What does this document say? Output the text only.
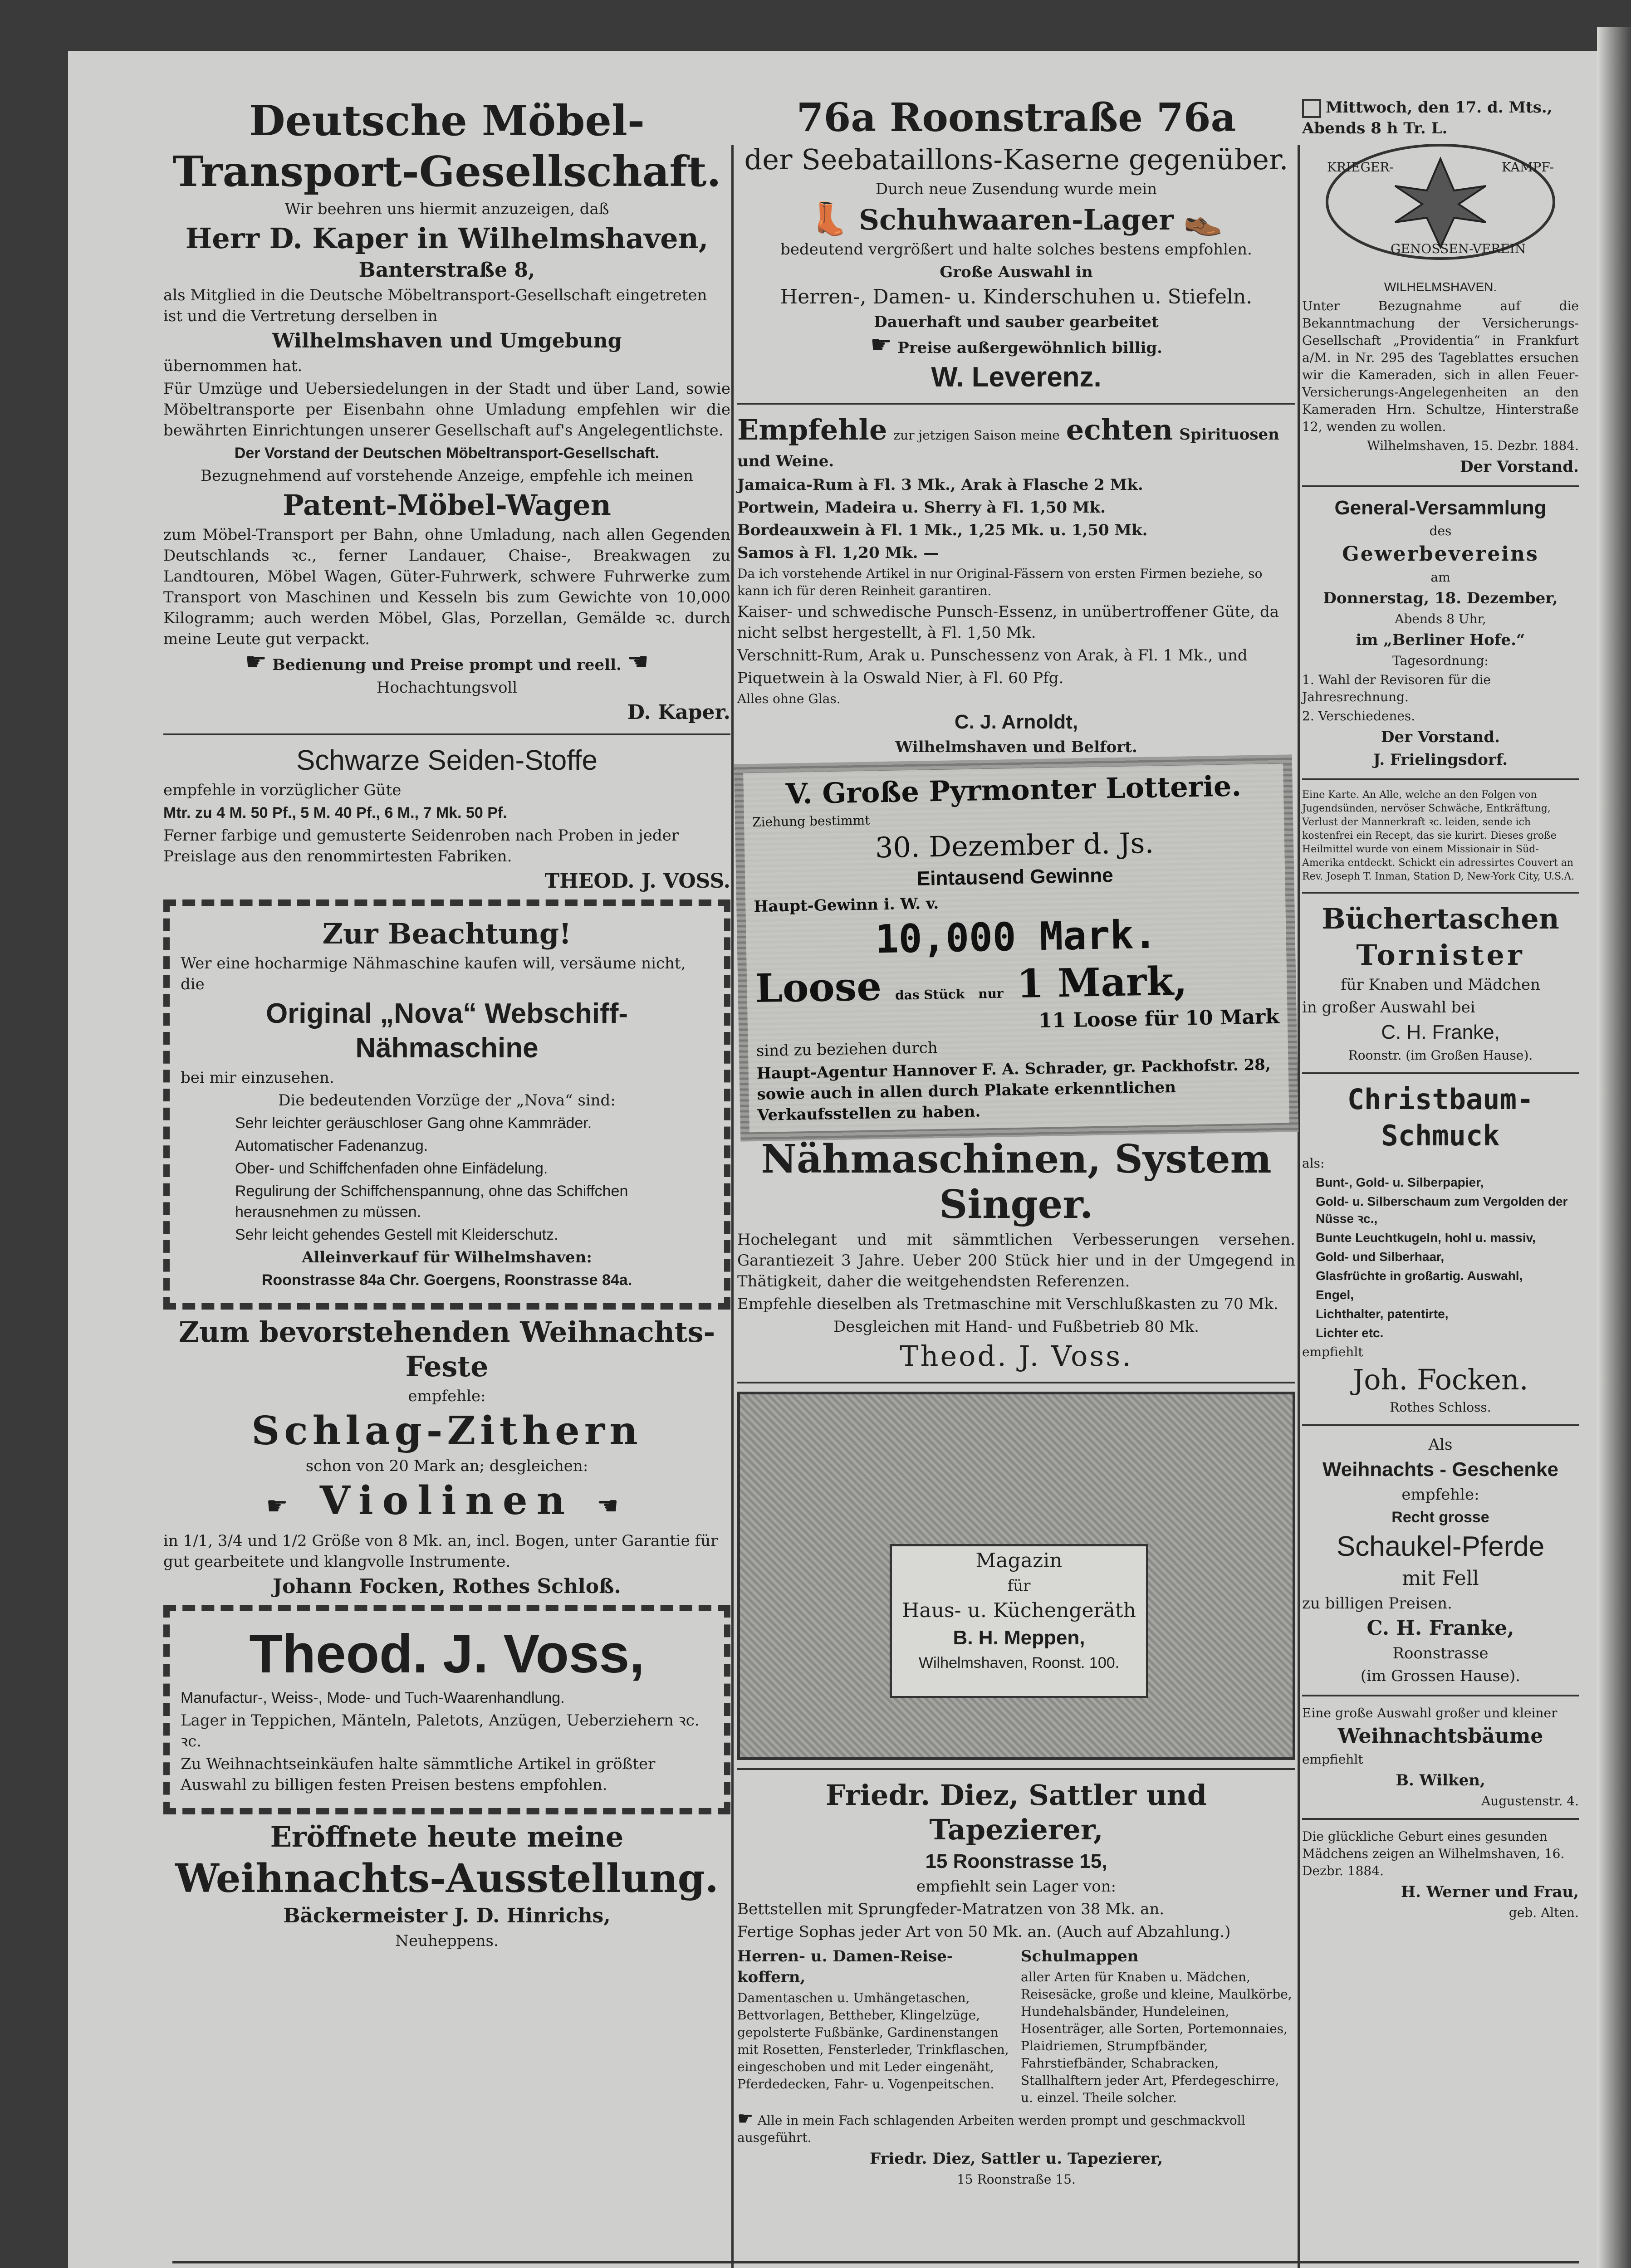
Deutsche Möbel-Transport-Gesellschaft.

Wir beehren uns hiermit anzuzeigen, daß

Herr D. Kaper in Wilhelmshaven,

Banterstraße 8,

als Mitglied in die Deutsche Möbeltransport-Gesellschaft eingetreten ist und die Vertretung derselben in

Wilhelmshaven und Umgebung

übernommen hat.

Für Umzüge und Uebersiedelungen in der Stadt und über Land, sowie Möbeltransporte per Eisenbahn ohne Umladung empfehlen wir die bewährten Einrichtungen unserer Gesellschaft auf's Angelegentlichste.

Der Vorstand der Deutschen Möbeltransport-Gesellschaft.

Bezugnehmend auf vorstehende Anzeige, empfehle ich meinen

Patent-Möbel-Wagen

zum Möbel-Transport per Bahn, ohne Umladung, nach allen Gegenden Deutschlands ꝛc., ferner Landauer, Chaise-, Breakwagen zu Landtouren, Möbel Wagen, Güter-Fuhrwerk, schwere Fuhrwerke zum Transport von Maschinen und Kesseln bis zum Gewichte von 10,000 Kilogramm; auch werden Möbel, Glas, Porzellan, Gemälde ꝛc. durch meine Leute gut verpackt.

☛ Bedienung und Preise prompt und reell. ☚

Hochachtungsvoll

D. Kaper.

Schwarze Seiden-Stoffe

empfehle in vorzüglicher Güte

Mtr. zu 4 M. 50 Pf., 5 M. 40 Pf., 6 M., 7 Mk. 50 Pf.

Ferner farbige und gemusterte Seidenroben nach Proben in jeder Preislage aus den renommirtesten Fabriken.

THEOD. J. VOSS.

Zur Beachtung!

Wer eine hocharmige Nähmaschine kaufen will, versäume nicht, die

Original „Nova“ Webschiff-Nähmaschine

bei mir einzusehen.

Die bedeutenden Vorzüge der „Nova“ sind:

Sehr leichter geräuschloser Gang ohne Kammräder.

Automatischer Fadenanzug.

Ober- und Schiffchenfaden ohne Einfädelung.

Regulirung der Schiffchenspannung, ohne das Schiffchen herausnehmen zu müssen.

Sehr leicht gehendes Gestell mit Kleiderschutz.

Alleinverkauf für Wilhelmshaven:

Roonstrasse 84a Chr. Goergens, Roonstrasse 84a.

Zum bevorstehenden Weihnachts-Feste

empfehle:

Schlag-Zithern

schon von 20 Mark an; desgleichen:

☛ Violinen ☚

in 1/1, 3/4 und 1/2 Größe von 8 Mk. an, incl. Bogen, unter Garantie für gut gearbeitete und klangvolle Instrumente.

Johann Focken, Rothes Schloß.

Theod. J. Voss,

Manufactur-, Weiss-, Mode- und Tuch-Waarenhandlung.

Lager in Teppichen, Mänteln, Paletots, Anzügen, Ueberziehern ꝛc. ꝛc.

Zu Weihnachtseinkäufen halte sämmtliche Artikel in größter Auswahl zu billigen festen Preisen bestens empfohlen.

Eröffnete heute meine

Weihnachts-Ausstellung.

Bäckermeister J. D. Hinrichs,

Neuheppens.

76a Roonstraße 76a

der Seebataillons-Kaserne gegenüber.

Durch neue Zusendung wurde mein

👢 Schuhwaaren-Lager 👞

bedeutend vergrößert und halte solches bestens empfohlen.

Große Auswahl in

Herren-, Damen- u. Kinderschuhen u. Stiefeln.

Dauerhaft und sauber gearbeitet

☛ Preise außergewöhnlich billig.

W. Leverenz.

Empfehle zur jetzigen Saison meine echten Spirituosen und Weine.

Jamaica-Rum à Fl. 3 Mk., Arak à Flasche 2 Mk.

Portwein, Madeira u. Sherry à Fl. 1,50 Mk.

Bordeauxwein à Fl. 1 Mk., 1,25 Mk. u. 1,50 Mk.

Samos à Fl. 1,20 Mk. —

Da ich vorstehende Artikel in nur Original-Fässern von ersten Firmen beziehe, so kann ich für deren Reinheit garantiren.

Kaiser- und schwedische Punsch-Essenz, in unübertroffener Güte, da nicht selbst hergestellt, à Fl. 1,50 Mk.

Verschnitt-Rum, Arak u. Punschessenz von Arak, à Fl. 1 Mk., und

Piquetwein à la Oswald Nier, à Fl. 60 Pfg.

Alles ohne Glas.

C. J. Arnoldt,

Wilhelmshaven und Belfort.

V. Große Pyrmonter Lotterie.

Ziehung bestimmt

30. Dezember d. Js.

Eintausend Gewinne

Haupt-Gewinn i. W. v.

10,000 Mark.

Loose das Stück nur 1 Mark,

11 Loose für 10 Mark

sind zu beziehen durch

Haupt-Agentur Hannover F. A. Schrader, gr. Packhofstr. 28, sowie auch in allen durch Plakate erkenntlichen Verkaufsstellen zu haben.

Nähmaschinen, System Singer.

Hochelegant und mit sämmtlichen Verbesserungen versehen. Garantiezeit 3 Jahre. Ueber 200 Stück hier und in der Umgegend in Thätigkeit, daher die weitgehendsten Referenzen.

Empfehle dieselben als Tretmaschine mit Verschlußkasten zu 70 Mk.

Desgleichen mit Hand- und Fußbetrieb 80 Mk.

Theod. J. Voss.

Magazin

für

Haus- u. Küchengeräth

B. H. Meppen,

Wilhelmshaven, Roonst. 100.

Friedr. Diez, Sattler und Tapezierer,

15 Roonstrasse 15,

empfiehlt sein Lager von:

Bettstellen mit Sprungfeder-Matratzen von 38 Mk. an.

Fertige Sophas jeder Art von 50 Mk. an. (Auch auf Abzahlung.)

Herren- u. Damen-Reise-koffern,

Damentaschen u. Umhängetaschen, Bettvorlagen, Bettheber, Klingelzüge, gepolsterte Fußbänke, Gardinenstangen mit Rosetten, Fensterleder, Trinkflaschen, eingeschoben und mit Leder eingenäht, Pferdedecken, Fahr- u. Vogenpeitschen.

Schulmappen

aller Arten für Knaben u. Mädchen, Reisesäcke, große und kleine, Maulkörbe, Hundehalsbänder, Hundeleinen, Hosenträger, alle Sorten, Portemonnaies, Plaidriemen, Strumpfbänder, Fahrstiefbänder, Schabracken, Stallhalftern jeder Art, Pferdegeschirre, u. einzel. Theile solcher.

☛ Alle in mein Fach schlagenden Arbeiten werden prompt und geschmackvoll ausgeführt.

Friedr. Diez, Sattler u. Tapezierer,

15 Roonstraße 15.

Mittwoch, den 17. d. Mts., Abends 8 h Tr. L.

KRIEGER-	KAMPF-
GENOSSEN-VEREIN

WILHELMSHAVEN.

Unter Bezugnahme auf die Bekanntmachung der Versicherungs-Gesellschaft „Providentia“ in Frankfurt a/M. in Nr. 295 des Tageblattes ersuchen wir die Kameraden, sich in allen Feuer-Versicherungs-Angelegenheiten an den Kameraden Hrn. Schultze, Hinterstraße 12, wenden zu wollen.

Wilhelmshaven, 15. Dezbr. 1884.

Der Vorstand.

General-Versammlung

des

Gewerbevereins

am

Donnerstag, 18. Dezember,

Abends 8 Uhr,

im „Berliner Hofe.“

Tagesordnung:

1. Wahl der Revisoren für die Jahresrechnung.

2. Verschiedenes.

Der Vorstand.

J. Frielingsdorf.

Eine Karte. An Alle, welche an den Folgen von Jugendsünden, nervöser Schwäche, Entkräftung, Verlust der Mannerkraft ꝛc. leiden, sende ich kostenfrei ein Recept, das sie kurirt. Dieses große Heilmittel wurde von einem Missionair in Süd-Amerika entdeckt. Schickt ein adressirtes Couvert an Rev. Joseph T. Inman, Station D, New-York City, U.S.A.

Büchertaschen

Tornister

für Knaben und Mädchen

in großer Auswahl bei

C. H. Franke,

Roonstr. (im Großen Hause).

Christbaum-

Schmuck

als:

Bunt-, Gold- u. Silberpapier,

Gold- u. Silberschaum zum Vergolden der Nüsse ꝛc.,

Bunte Leuchtkugeln, hohl u. massiv,

Gold- und Silberhaar,

Glasfrüchte in großartig. Auswahl,

Engel,

Lichthalter, patentirte,

Lichter etc.

empfiehlt

Joh. Focken.

Rothes Schloss.

Als

Weihnachts - Geschenke

empfehle:

Recht grosse

Schaukel-Pferde

mit Fell

zu billigen Preisen.

C. H. Franke,

Roonstrasse

(im Grossen Hause).

Eine große Auswahl großer und kleiner

Weihnachtsbäume

empfiehlt

B. Wilken,

Augustenstr. 4.

Die glückliche Geburt eines gesunden Mädchens zeigen an Wilhelmshaven, 16. Dezbr. 1884.

H. Werner und Frau,

geb. Alten.
